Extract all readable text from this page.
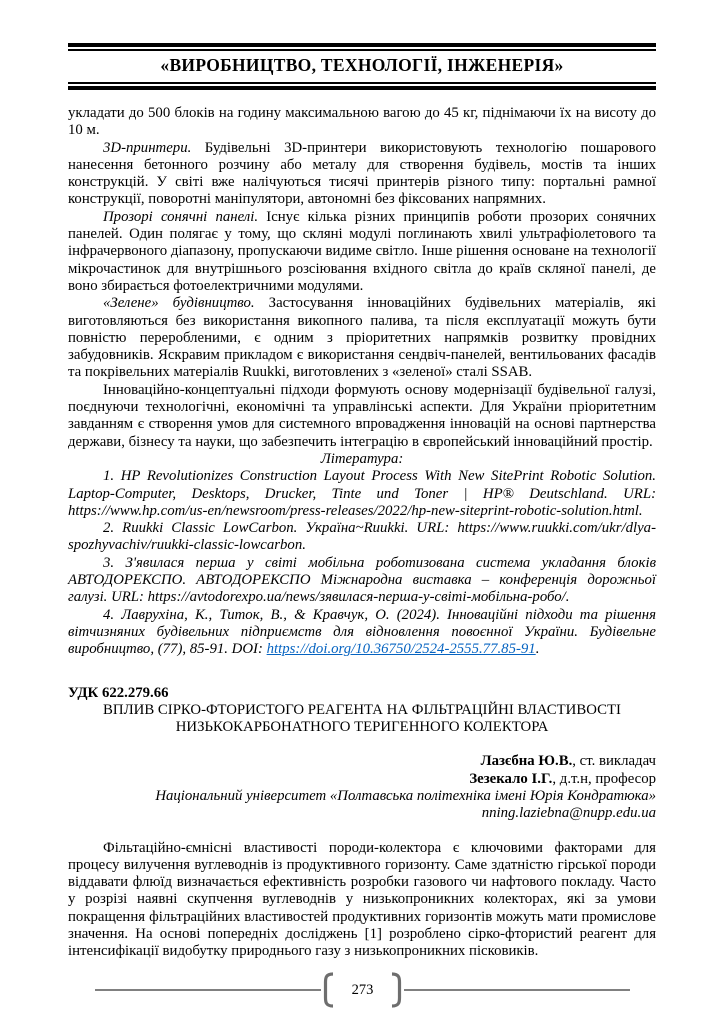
«ВИРОБНИЦТВО, ТЕХНОЛОГІЇ, ІНЖЕНЕРІЯ»

укладати до 500 блоків на годину максимальною вагою до 45 кг, піднімаючи їх на висоту до 10 м.

3D-принтери. Будівельні 3D-принтери використовують технологію пошарового нанесення бетонного розчину або металу для створення будівель, мостів та інших конструкцій. У світі вже налічуються тисячі принтерів різного типу: портальні рамної конструкції, поворотні маніпулятори, автономні без фіксованих напрямних.

Прозорі сонячні панелі. Існує кілька різних принципів роботи прозорих сонячних панелей. Один полягає у тому, що скляні модулі поглинають хвилі ультрафіолетового та інфрачервоного діапазону, пропускаючи видиме світло. Інше рішення основане на технології мікрочастинок для внутрішнього розсіювання вхідного світла до країв скляної панелі, де воно збирається фотоелектричними модулями.

«Зелене» будівництво. Застосування інноваційних будівельних матеріалів, які виготовляються без використання викопного палива, та після експлуатації можуть бути повністю переробленими, є одним з пріоритетних напрямків розвитку провідних забудовників. Яскравим прикладом є використання сендвіч-панелей, вентильованих фасадів та покрівельних матеріалів Ruukki, виготовлених з «зеленої» сталі SSAB.

Інноваційно-концептуальні підходи формують основу модернізації будівельної галузі, поєднуючи технологічні, економічні та управлінські аспекти. Для України пріоритетним завданням є створення умов для системного впровадження інновацій на основі партнерства держави, бізнесу та науки, що забезпечить інтеграцію в європейський інноваційний простір.

Література:

1. HP Revolutionizes Construction Layout Process With New SitePrint Robotic Solution. Laptop-Computer, Desktops, Drucker, Tinte und Toner | HP® Deutschland. URL: https://www.hp.com/us-en/newsroom/press-releases/2022/hp-new-siteprint-robotic-solution.html.

2. Ruukki Classic LowCarbon. Україна~Ruukki. URL: https://www.ruukki.com/ukr/dlya-spozhyvachiv/ruukki-classic-lowcarbon.

3. З'явилася перша у світі мобільна роботизована система укладання блоків АВТОДОРЕКСПО. АВТОДОРЕКСПО Міжнародна виставка – конференція дорожньої галузі. URL: https://avtodorexpo.ua/news/зявилася-перша-у-світі-мобільна-робо/.

4. Лаврухіна, К., Титок, В., & Кравчук, О. (2024). Інноваційні підходи та рішення вітчизняних будівельних підприємств для відновлення повоєнної України. Будівельне виробництво, (77), 85-91. DOI: https://doi.org/10.36750/2524-2555.77.85-91.

УДК 622.279.66

ВПЛИВ СІРКО-ФТОРИСТОГО РЕАГЕНТА НА ФІЛЬТРАЦІЙНІ ВЛАСТИВОСТІ НИЗЬКОКАРБОНАТНОГО ТЕРИГЕННОГО КОЛЕКТОРА

Лазєбна Ю.В., ст. викладач

Зезекало І.Г., д.т.н, професор

Національний університет «Полтавська політехніка імені Юрія Кондратюка»

nning.laziebna@nupp.edu.ua

Фільтаційно-ємнісні властивості породи-колектора є ключовими факторами для процесу вилучення вуглеводнів із продуктивного горизонту. Саме здатністю гірської породи віддавати флюїд визначається ефективність розробки газового чи нафтового покладу. Часто у розрізі наявні скупчення вуглеводнів у низькопроникних колекторах, які за умови покращення фільтраційних властивостей продуктивних горизонтів можуть мати промислове значення. На основі попередніх досліджень [1] розроблено сірко-фтористий реагент для інтенсифікації видобутку природнього газу з низькопроникних пісковиків.

273
